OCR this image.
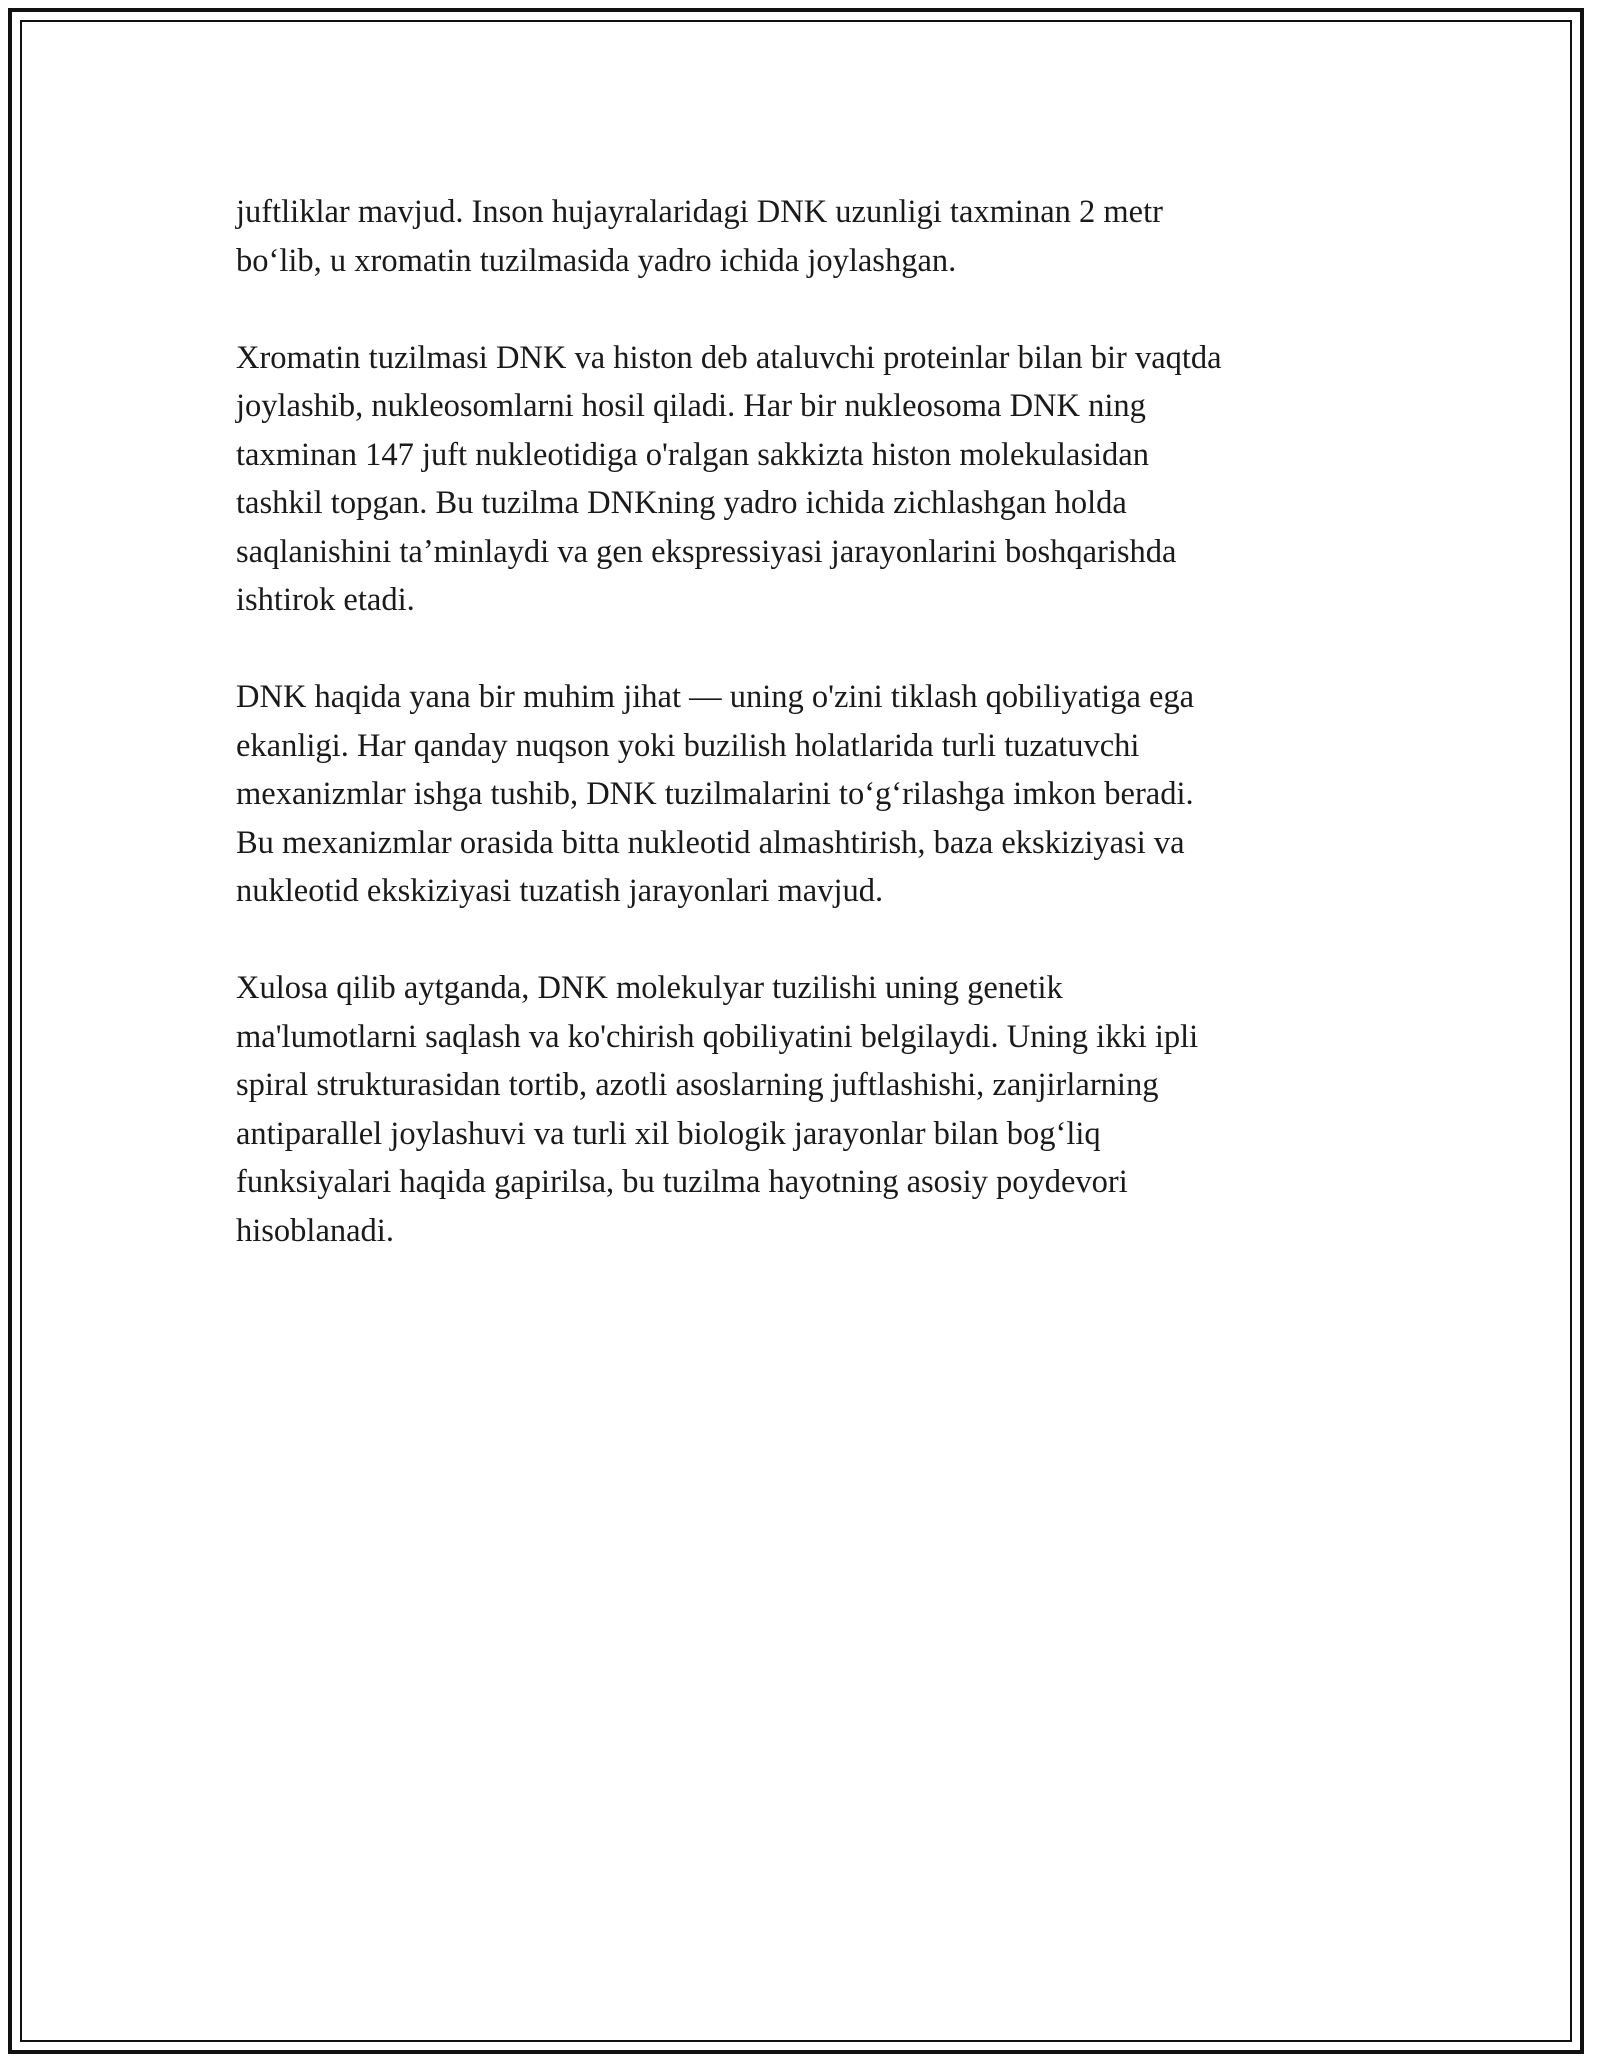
juftliklar mavjud. Inson hujayralaridagi DNK uzunligi taxminan 2 metr
boʻlib, u xromatin tuzilmasida yadro ichida joylashgan.

Xromatin tuzilmasi DNK va histon deb ataluvchi proteinlar bilan bir vaqtda
joylashib, nukleosomlarni hosil qiladi. Har bir nukleosoma DNK ning
taxminan 147 juft nukleotidiga o'ralgan sakkizta histon molekulasidan
tashkil topgan. Bu tuzilma DNKning yadro ichida zichlashgan holda
saqlanishini taʼminlaydi va gen ekspressiyasi jarayonlarini boshqarishda
ishtirok etadi.

DNK haqida yana bir muhim jihat — uning o'zini tiklash qobiliyatiga ega
ekanligi. Har qanday nuqson yoki buzilish holatlarida turli tuzatuvchi
mexanizmlar ishga tushib, DNK tuzilmalarini toʻgʻrilashga imkon beradi.
Bu mexanizmlar orasida bitta nukleotid almashtirish, baza ekskiziyasi va
nukleotid ekskiziyasi tuzatish jarayonlari mavjud.

Xulosa qilib aytganda, DNK molekulyar tuzilishi uning genetik
ma'lumotlarni saqlash va ko'chirish qobiliyatini belgilaydi. Uning ikki ipli
spiral strukturasidan tortib, azotli asoslarning juftlashishi, zanjirlarning
antiparallel joylashuvi va turli xil biologik jarayonlar bilan bogʻliq
funksiyalari haqida gapirilsa, bu tuzilma hayotning asosiy poydevori
hisoblanadi.
